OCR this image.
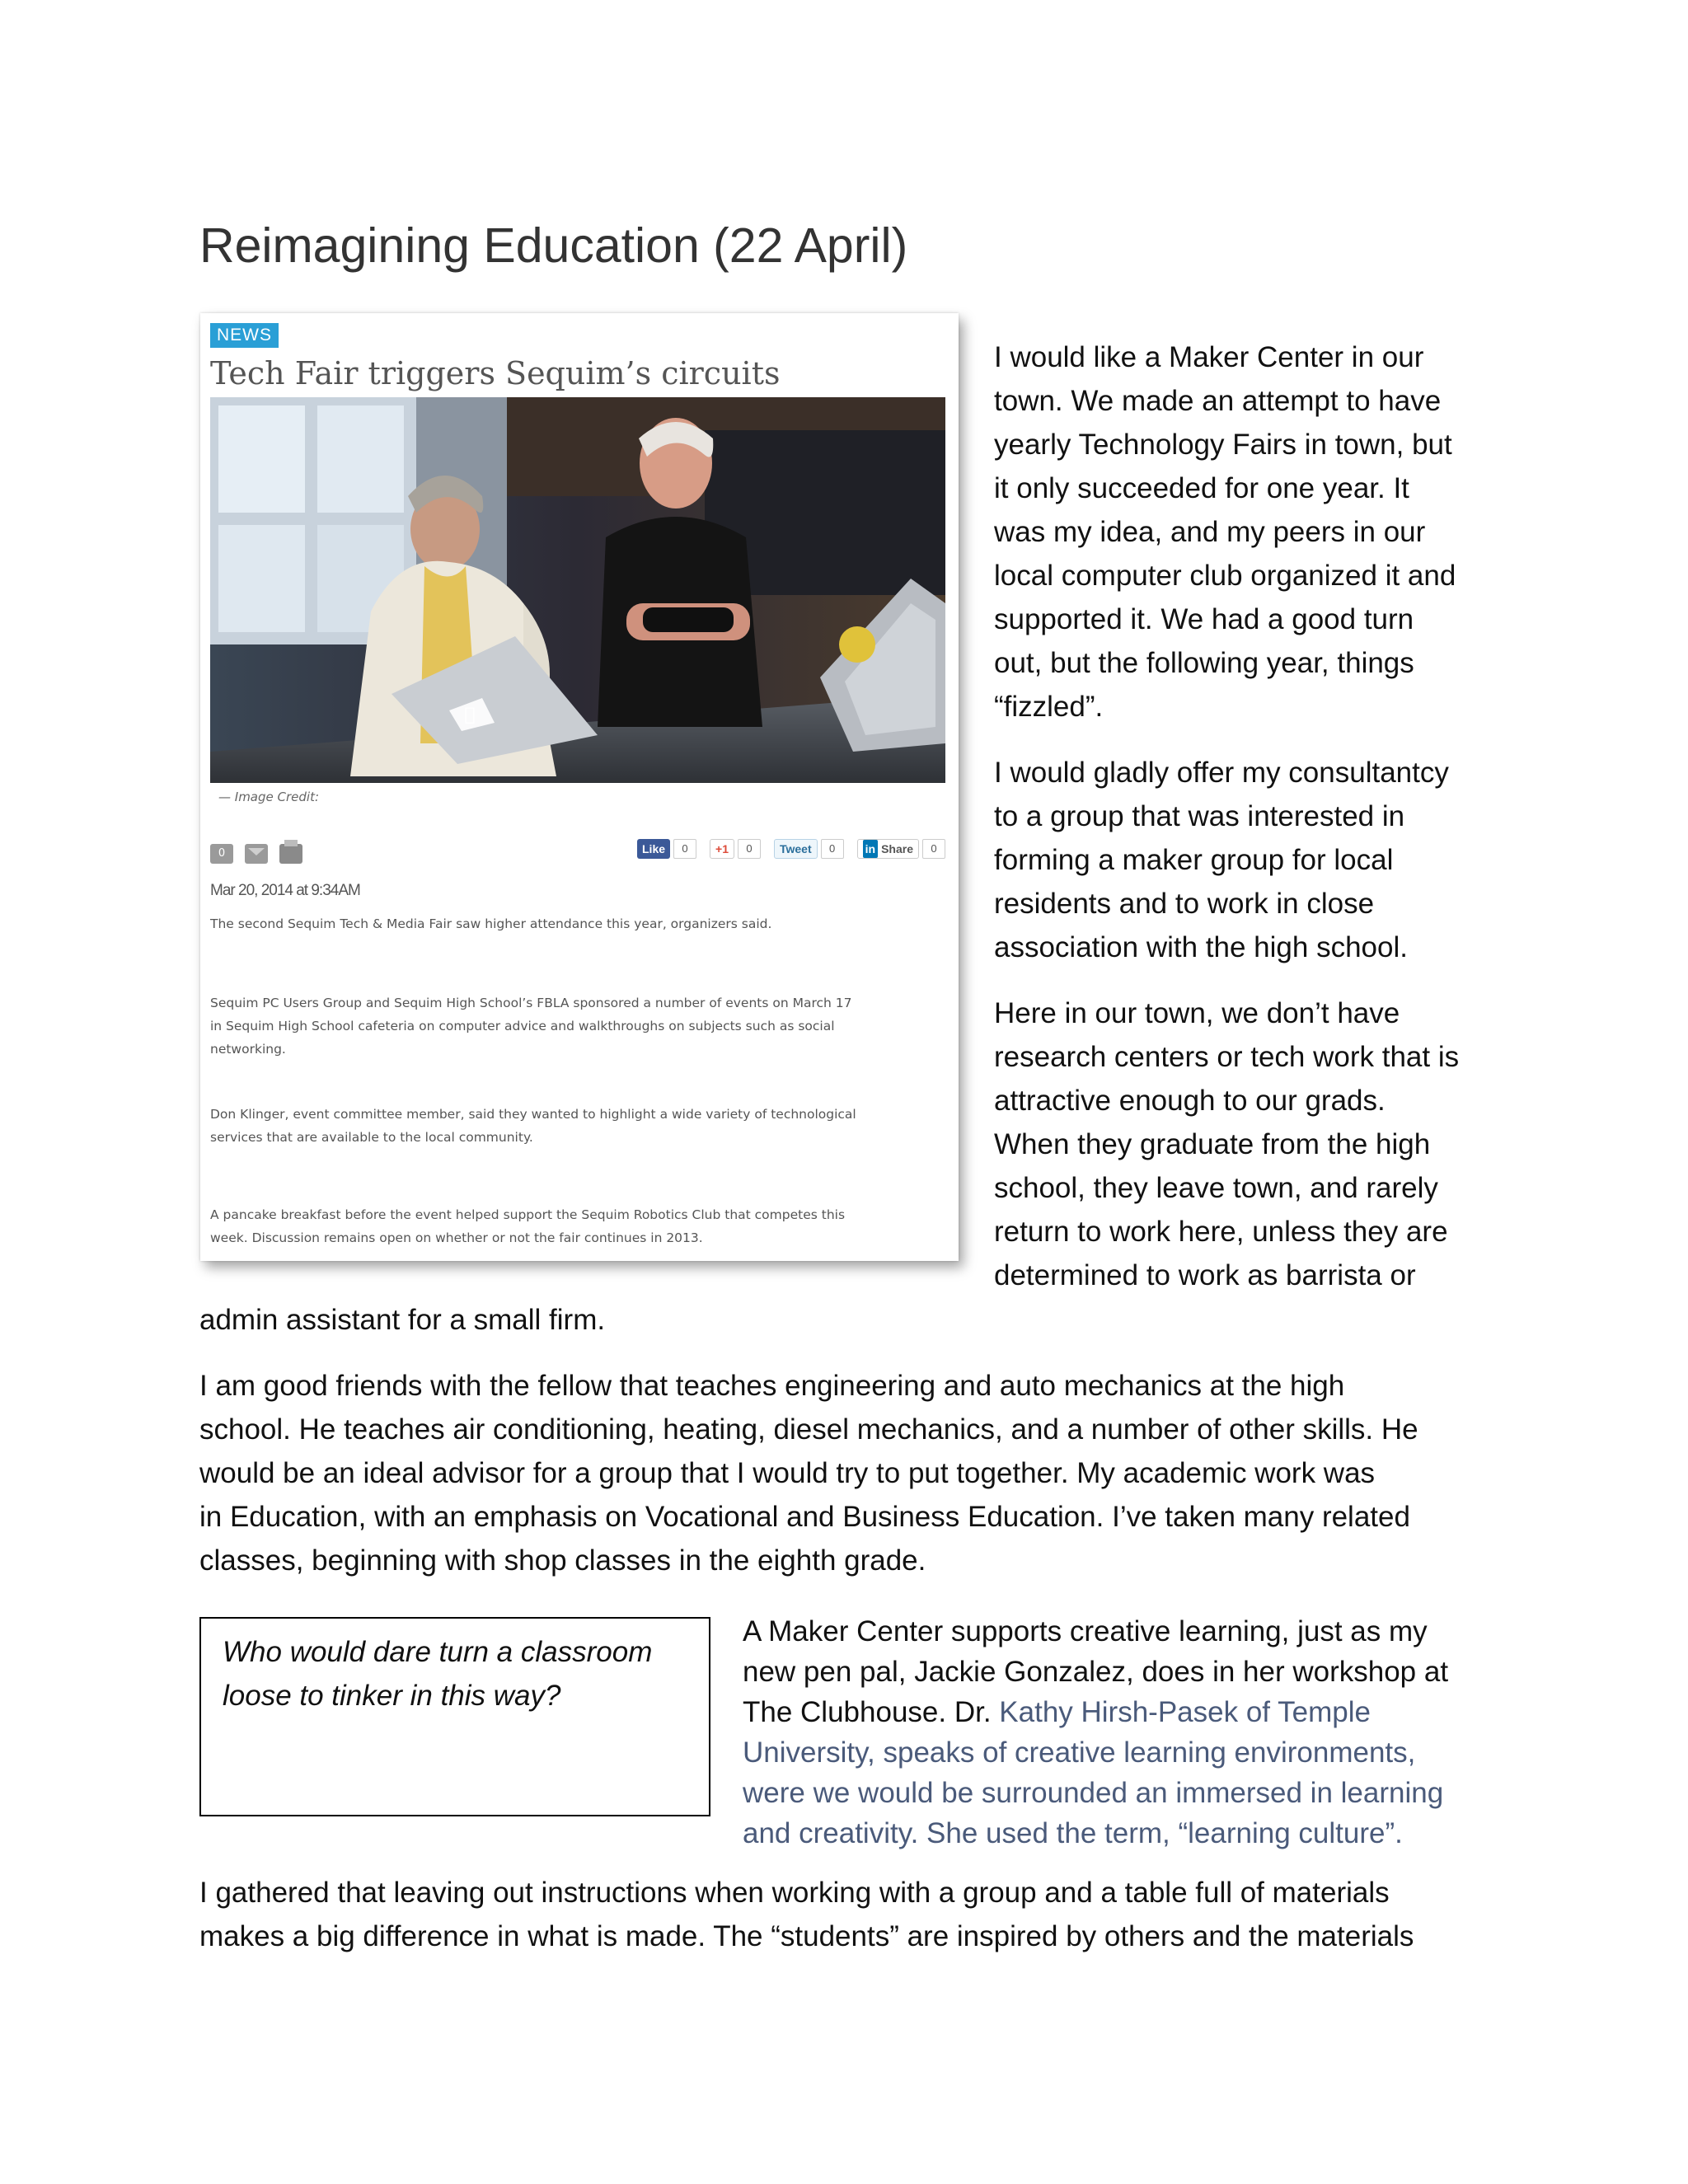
Reimagining Education (22 April)
NEWS
Tech Fair triggers Sequim’s circuits
— Image Credit:
0	Like	0	+1	0	Tweet	0	in Share	0
Mar 20, 2014 at 9:34AM

The second Sequim Tech & Media Fair saw higher attendance this year, organizers said.

Sequim PC Users Group and Sequim High School’s FBLA sponsored a number of events on March 17
in Sequim High School cafeteria on computer advice and walkthroughs on subjects such as social
networking.

Don Klinger, event committee member, said they wanted to highlight a wide variety of technological
services that are available to the local community.

A pancake breakfast before the event helped support the Sequim Robotics Club that competes this
week. Discussion remains open on whether or not the fair continues in 2013.

I would like a Maker Center in our
town. We made an attempt to have
yearly Technology Fairs in town, but
it only succeeded for one year. It
was my idea, and my peers in our
local computer club organized it and
supported it. We had a good turn
out, but the following year, things
“fizzled”.

I would gladly offer my consultantcy
to a group that was interested in
forming a maker group for local
residents and to work in close
association with the high school.

Here in our town, we don’t have
research centers or tech work that is
attractive enough to our grads.
When they graduate from the high
school, they leave town, and rarely
return to work here, unless they are
determined to work as barrista or

admin assistant for a small firm.

I am good friends with the fellow that teaches engineering and auto mechanics at the high
school. He teaches air conditioning, heating, diesel mechanics, and a number of other skills. He
would be an ideal advisor for a group that I would try to put together. My academic work was
in Education, with an emphasis on Vocational and Business Education. I’ve taken many related
classes, beginning with shop classes in the eighth grade.

Who would dare turn a classroom
loose to tinker in this way?

A Maker Center supports creative learning, just as my
new pen pal, Jackie Gonzalez, does in her workshop at
The Clubhouse. Dr. Kathy Hirsh-Pasek of Temple
University, speaks of creative learning environments,
were we would be surrounded an immersed in learning
and creativity. She used the term, “learning culture”.

I gathered that leaving out instructions when working with a group and a table full of materials
makes a big difference in what is made. The “students” are inspired by others and the materials
